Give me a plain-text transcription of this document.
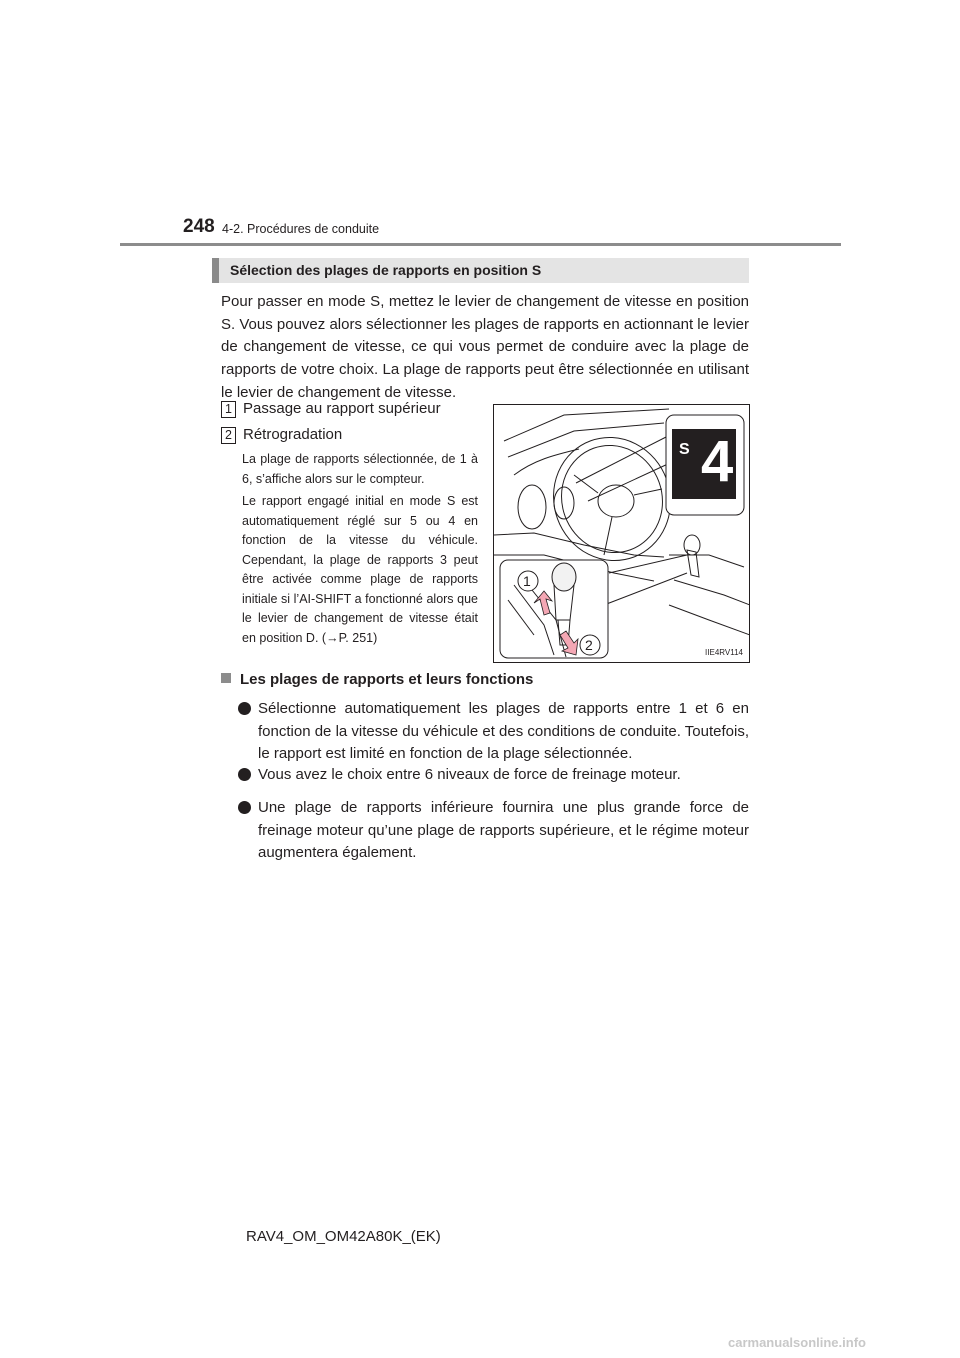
248 4-2. Procédures de conduite
Sélection des plages de rapports en position S

Pour passer en mode S, mettez le levier de changement de vitesse en position S. Vous pouvez alors sélectionner les plages de rapports en actionnant le levier de changement de vitesse, ce qui vous permet de conduire avec la plage de rapports de votre choix. La plage de rapports peut être sélectionnée en utilisant le levier de changement de vitesse.

1 Passage au rapport supérieur
2 Rétrogradation

La plage de rapports sélectionnée, de 1 à 6, s’affiche alors sur le compteur.

Le rapport engagé initial en mode S est automatiquement réglé sur 5 ou 4 en fonction de la vitesse du véhicule. Cependant, la plage de rapports 3 peut être activée comme plage de rapports initiale si l’AI-SHIFT a fonctionné alors que le levier de changement de vitesse était en position D. (→P. 251)

S 4
1
2	IIE4RV114
Les plages de rapports et leurs fonctions

Sélectionne automatiquement les plages de rapports entre 1 et 6 en fonction de la vitesse du véhicule et des conditions de conduite. Toutefois, le rapport est limité en fonction de la plage sélectionnée.

Vous avez le choix entre 6 niveaux de force de freinage moteur.

Une plage de rapports inférieure fournira une plus grande force de freinage moteur qu’une plage de rapports supérieure, et le régime moteur augmentera également.

RAV4_OM_OM42A80K_(EK)
carmanualsonline.info
